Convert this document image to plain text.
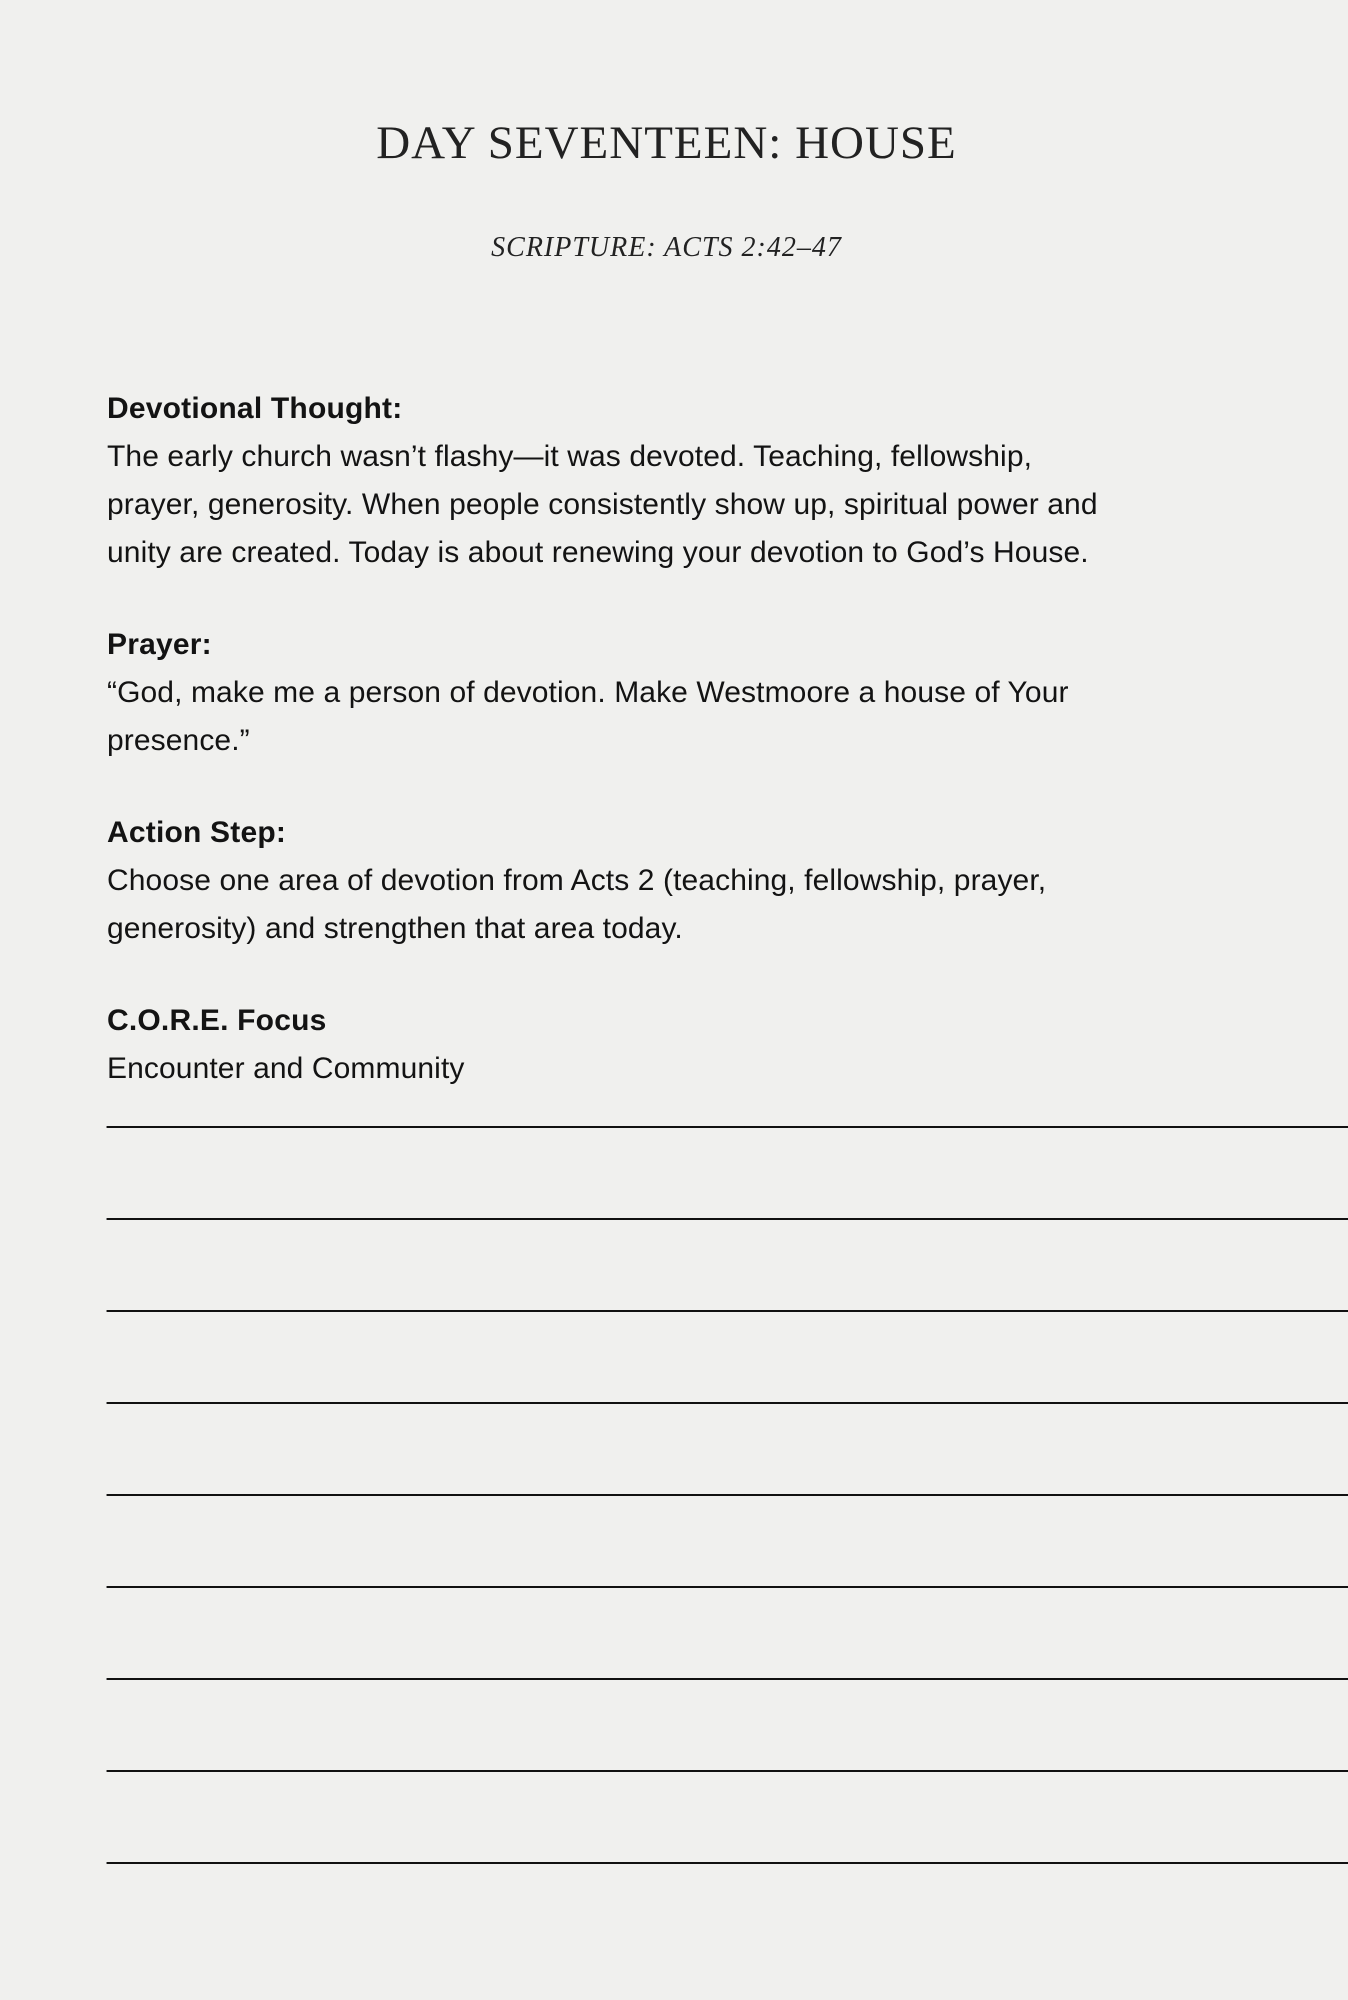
DAY SEVENTEEN: HOUSE
SCRIPTURE: ACTS 2:42–47
Devotional Thought:
The early church wasn’t flashy—it was devoted. Teaching, fellowship,
prayer, generosity. When people consistently show up, spiritual power and
unity are created. Today is about renewing your devotion to God’s House.
Prayer:
“God, make me a person of devotion. Make Westmoore a house of Your
presence.”
Action Step:
Choose one area of devotion from Acts 2 (teaching, fellowship, prayer,
generosity) and strengthen that area today.
C.O.R.E. Focus
Encounter and Community
________________________________________________________________________
________________________________________________________________________
________________________________________________________________________
________________________________________________________________________
________________________________________________________________________
________________________________________________________________________
________________________________________________________________________
________________________________________________________________________
________________________________________________________________________
